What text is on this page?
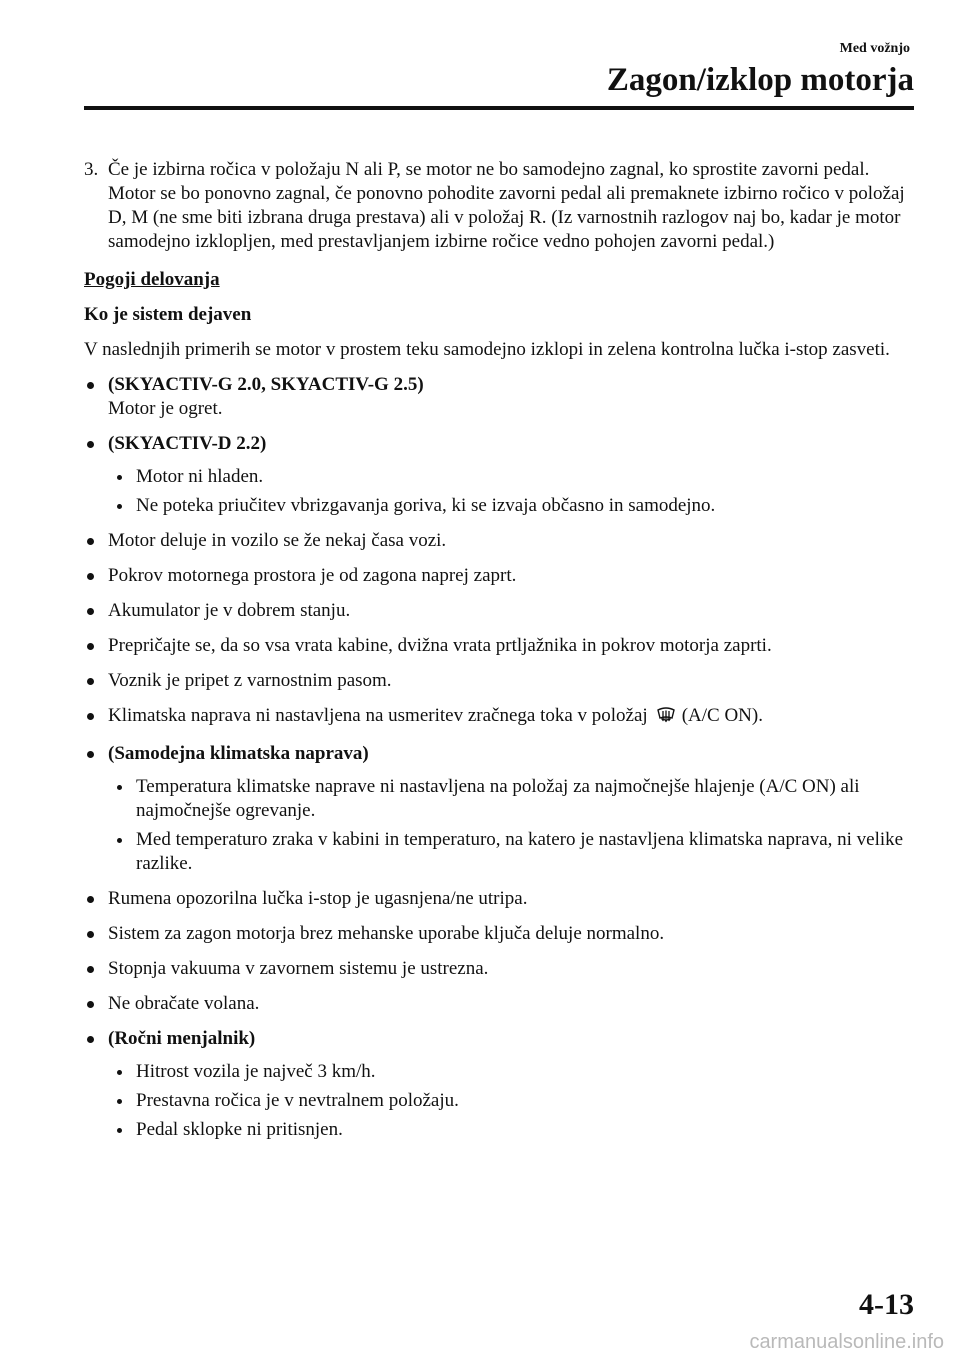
Med vožnjo
Zagon/izklop motorja
3. Če je izbirna ročica v položaju N ali P, se motor ne bo samodejno zagnal, ko sprostite zavorni pedal. Motor se bo ponovno zagnal, če ponovno pohodite zavorni pedal ali premaknete izbirno ročico v položaj D, M (ne sme biti izbrana druga prestava) ali v položaj R. (Iz varnostnih razlogov naj bo, kadar je motor samodejno izklopljen, med prestavljanjem izbirne ročice vedno pohojen zavorni pedal.)
Pogoji delovanja
Ko je sistem dejaven
V naslednjih primerih se motor v prostem teku samodejno izklopi in zelena kontrolna lučka i-stop zasveti.
(SKYACTIV-G 2.0, SKYACTIV-G 2.5)
Motor je ogret.
(SKYACTIV-D 2.2)
Motor ni hladen.
Ne poteka priučitev vbrizgavanja goriva, ki se izvaja občasno in samodejno.
Motor deluje in vozilo se že nekaj časa vozi.
Pokrov motornega prostora je od zagona naprej zaprt.
Akumulator je v dobrem stanju.
Prepričajte se, da so vsa vrata kabine, dvižna vrata prtljažnika in pokrov motorja zaprti.
Voznik je pripet z varnostnim pasom.
Klimatska naprava ni nastavljena na usmeritev zračnega toka v položaj (A/C ON).
(Samodejna klimatska naprava)
Temperatura klimatske naprave ni nastavljena na položaj za najmočnejše hlajenje (A/C ON) ali najmočnejše ogrevanje.
Med temperaturo zraka v kabini in temperaturo, na katero je nastavljena klimatska naprava, ni velike razlike.
Rumena opozorilna lučka i-stop je ugasnjena/ne utripa.
Sistem za zagon motorja brez mehanske uporabe ključa deluje normalno.
Stopnja vakuuma v zavornem sistemu je ustrezna.
Ne obračate volana.
(Ročni menjalnik)
Hitrost vozila je največ 3 km/h.
Prestavna ročica je v nevtralnem položaju.
Pedal sklopke ni pritisnjen.
4-13
carmanualsonline.info
